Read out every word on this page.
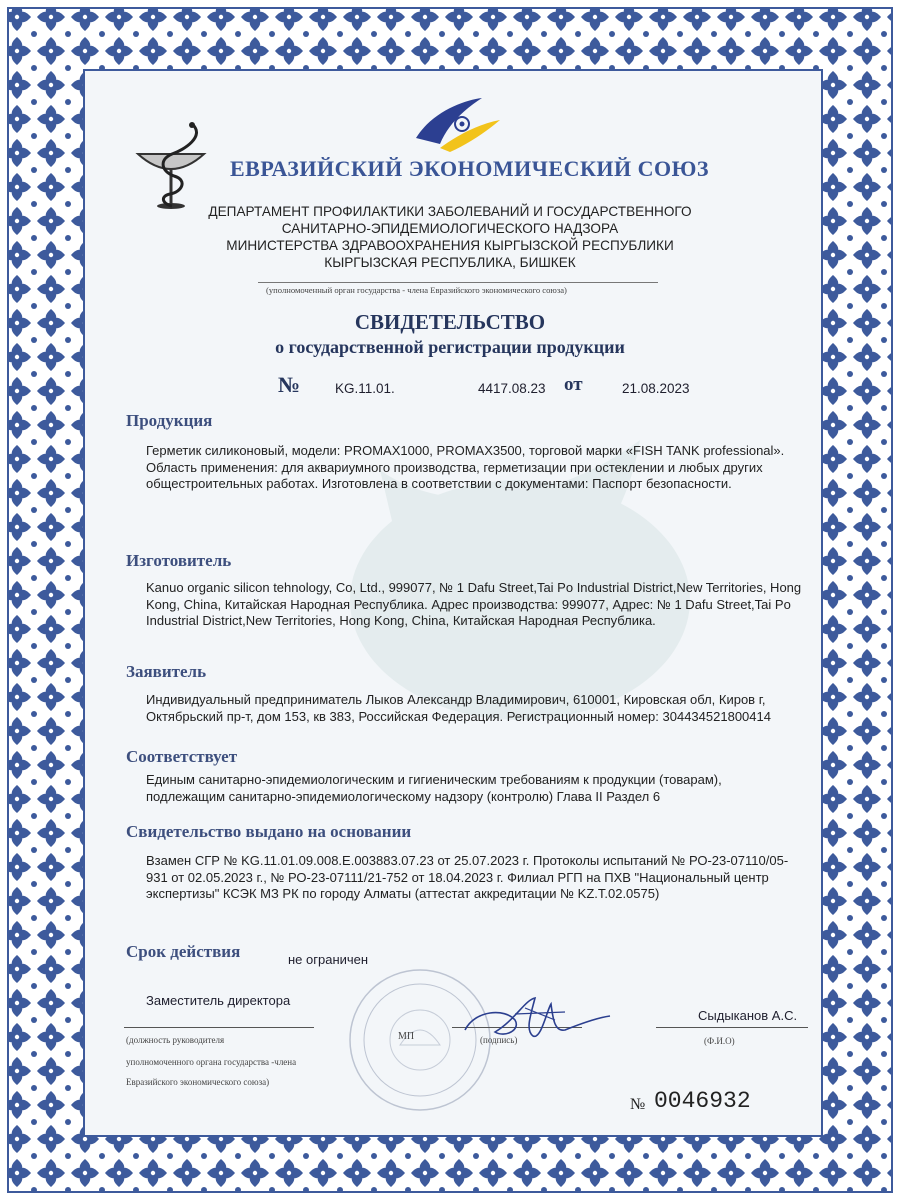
ЕВРАЗИЙСКИЙ ЭКОНОМИЧЕСКИЙ СОЮЗ
ДЕПАРТАМЕНТ ПРОФИЛАКТИКИ ЗАБОЛЕВАНИЙ И ГОСУДАРСТВЕННОГО
САНИТАРНО-ЭПИДЕМИОЛОГИЧЕСКОГО НАДЗОРА
МИНИСТЕРСТВА ЗДРАВООХРАНЕНИЯ КЫРГЫЗСКОЙ РЕСПУБЛИКИ
КЫРГЫЗСКАЯ РЕСПУБЛИКА, БИШКЕК
(уполномоченный орган государства - члена Евразийского экономического союза)
СВИДЕТЕЛЬСТВО
о государственной регистрации продукции
№	KG.11.01.	4417.08.23 от	21.08.2023
Продукция
Герметик силиконовый, модели: PROMAX1000, PROMAX3500, торговой марки «FISH TANK professional». Область применения: для аквариумного производства, герметизации при остеклении и любых других общестроительных работах. Изготовлена в соответствии с документами: Паспорт безопасности.
Изготовитель
Kanuo organic silicon tehnology, Co, Ltd., 999077, № 1 Dafu Street,Tai Po Industrial District,New Territories, Hong Kong, China, Китайская Народная Республика. Адрес производства: 999077, Адрес: № 1 Dafu Street,Tai Po Industrial District,New Territories, Hong Kong, China, Китайская Народная Республика.
Заявитель
Индивидуальный предприниматель Лыков Александр Владимирович, 610001, Кировская обл, Киров г, Октябрьский пр-т, дом 153, кв 383, Российская Федерация. Регистрационный номер: 304434521800414
Соответствует
Единым санитарно-эпидемиологическим и гигиеническим требованиям к продукции (товарам), подлежащим санитарно-эпидемиологическому надзору (контролю) Глава II Раздел 6
Свидетельство выдано на основании
Взамен СГР № KG.11.01.09.008.Е.003883.07.23 от 25.07.2023 г. Протоколы испытаний № РО-23-07110/05-931 от 02.05.2023 г., № РО-23-07111/21-752 от 18.04.2023 г. Филиал РГП на ПХВ "Национальный центр экспертизы" КСЭК МЗ РК по городу Алматы (аттестат аккредитации № KZ.T.02.0575)
Срок действия	не ограничен
Заместитель директора
(должность руководителя
уполномоченного органа государства -члена
Евразийского экономического союза)
МП	(подпись)
Сыдыканов А.С.
(Ф.И.О)
№ 0046932
